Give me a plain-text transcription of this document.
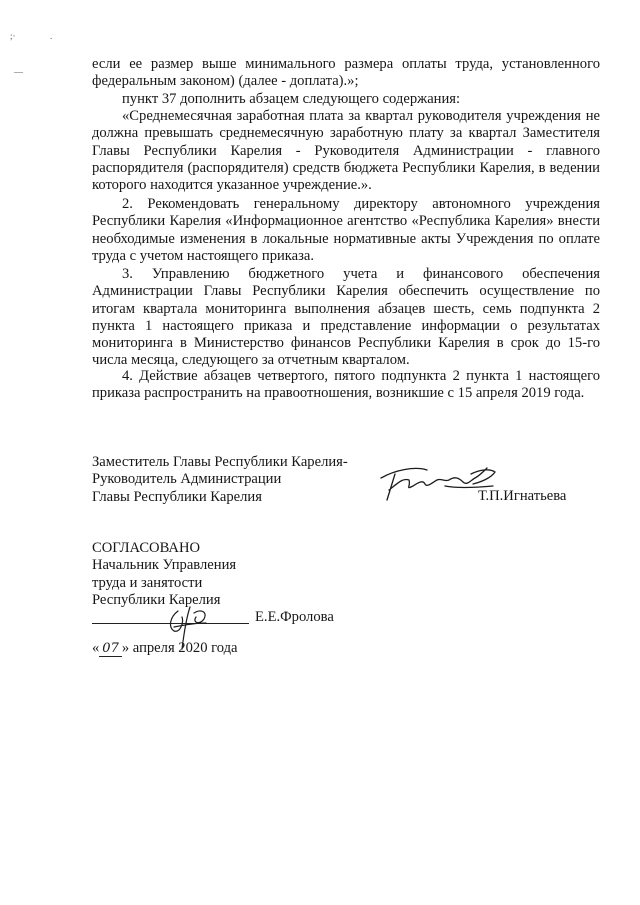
;·	.
—	если ее размер выше минимального размера оплаты труда, установленного федеральным законом) (далее - доплата).»;
пункт 37 дополнить абзацем следующего содержания:
«Среднемесячная заработная плата за квартал руководителя учреждения не должна превышать среднемесячную заработную плату за квартал Заместителя Главы Республики Карелия - Руководителя Администрации - главного распорядителя (распорядителя) средств бюджета Республики Карелия, в ведении которого находится указанное учреждение.».
2. Рекомендовать генеральному директору автономного учреждения Республики Карелия «Информационное агентство «Республика Карелия» внести необходимые изменения в локальные нормативные акты Учреждения по оплате труда с учетом настоящего приказа.
3. Управлению бюджетного учета и финансового обеспечения Администрации Главы Республики Карелия обеспечить осуществление по итогам квартала мониторинга выполнения абзацев шесть, семь подпункта 2 пункта 1 настоящего приказа и представление информации о результатах мониторинга в Министерство финансов Республики Карелия в срок до 15-го числа месяца, следующего за отчетным кварталом.
4. Действие абзацев четвертого, пятого подпункта 2 пункта 1 настоящего приказа распространить на правоотношения, возникшие с 15 апреля 2019 года.
Заместитель Главы Республики Карелия-
Руководитель Администрации
Главы Республики Карелия	Т.П.Игнатьева
СОГЛАСОВАНО
Начальник Управления
труда и занятости
Республики Карелия
Е.Е.Фролова
« 07 » апреля 2020 года
